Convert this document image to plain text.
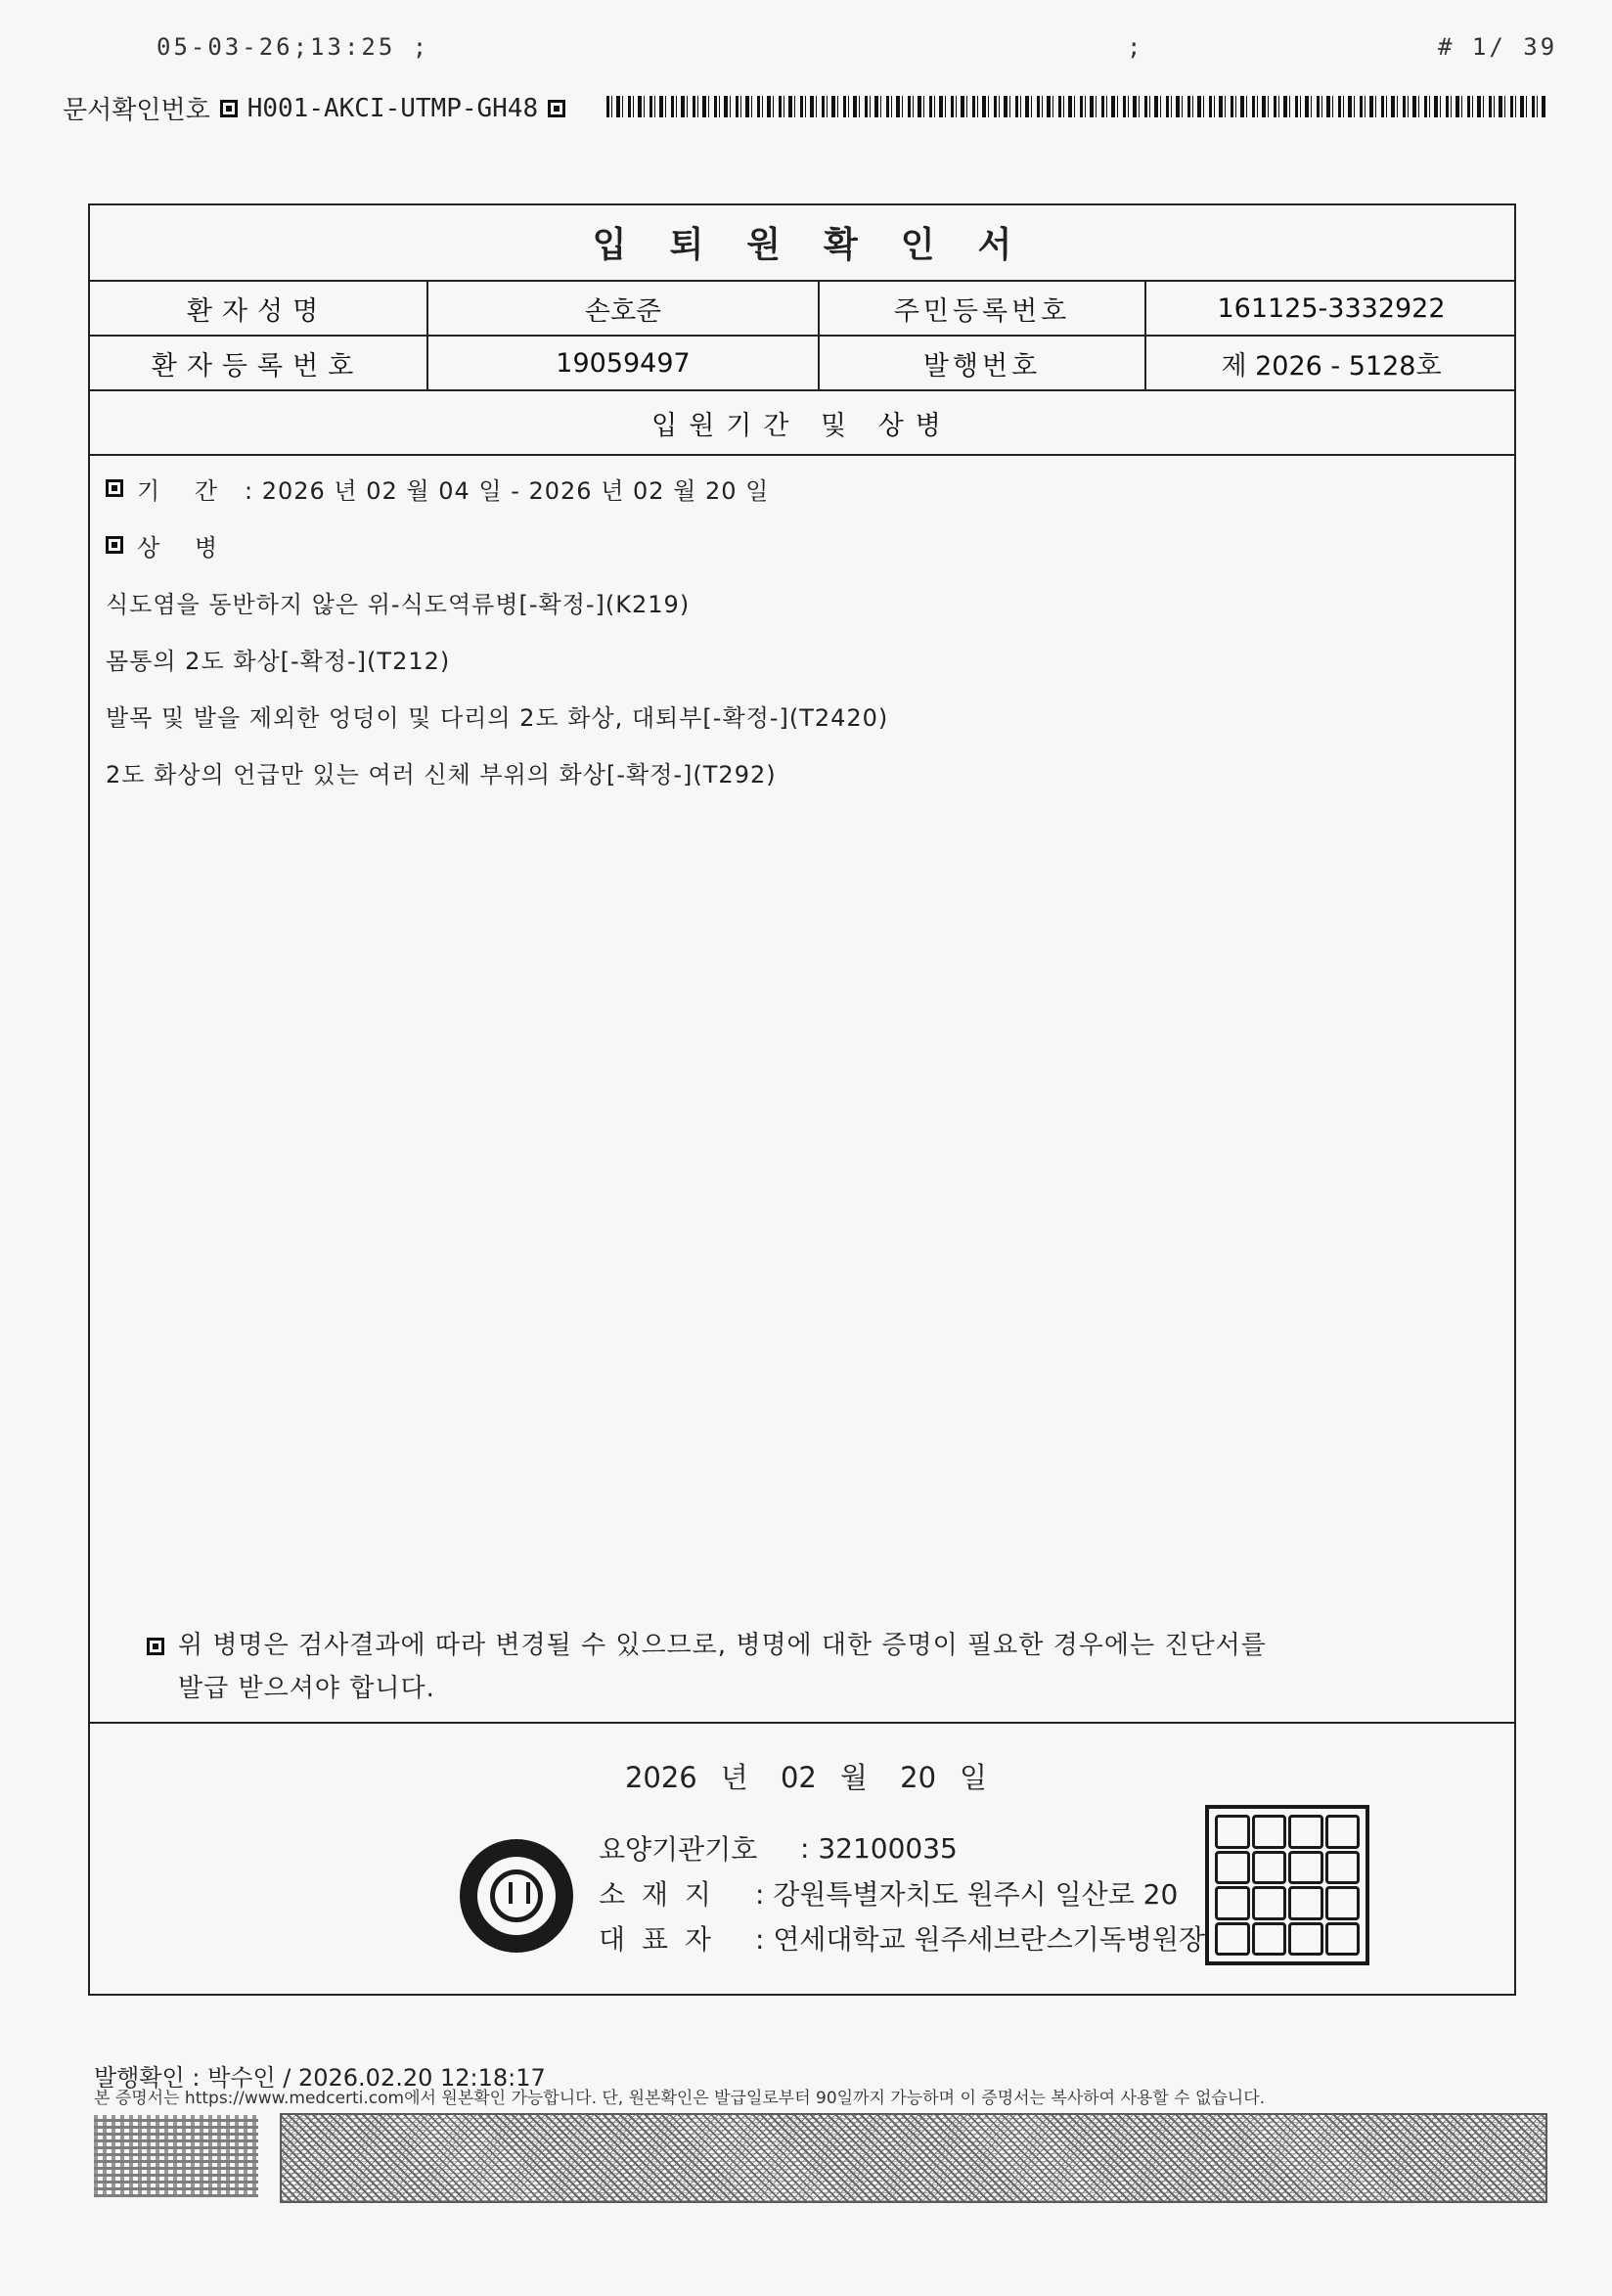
05-03-26;13:25 ;	;	# 1/ 39
문서확인번호 H001-AKCI-UTMP-GH48
입퇴원확인서
환자성명	손호준	주민등록번호	161125-3332922
환자등록번호	19059497	발행번호	제 2026 - 5128호
입원기간 및 상병
기 간 : 2026 년 02 월 04 일 - 2026 년 02 월 20 일
상 병
식도염을 동반하지 않은 위-식도역류병[-확정-](K219)
몸통의 2도 화상[-확정-](T212)
발목 및 발을 제외한 엉덩이 및 다리의 2도 화상, 대퇴부[-확정-](T2420)
2도 화상의 언급만 있는 여러 신체 부위의 화상[-확정-](T292)
위 병명은 검사결과에 따라 변경될 수 있으므로, 병명에 대한 증명이 필요한 경우에는 진단서를
발급 받으셔야 합니다.
2026 년 02 월 20 일
요양기관기호	: 32100035
소 재 지	: 강원특별자치도 원주시 일산로 20
대 표 자	: 연세대학교 원주세브란스기독병원장
발행확인 : 박수인 / 2026.02.20 12:18:17
본 증명서는 https://www.medcerti.com에서 원본확인 가능합니다. 단, 원본확인은 발급일로부터 90일까지 가능하며 이 증명서는 복사하여 사용할 수 없습니다.
